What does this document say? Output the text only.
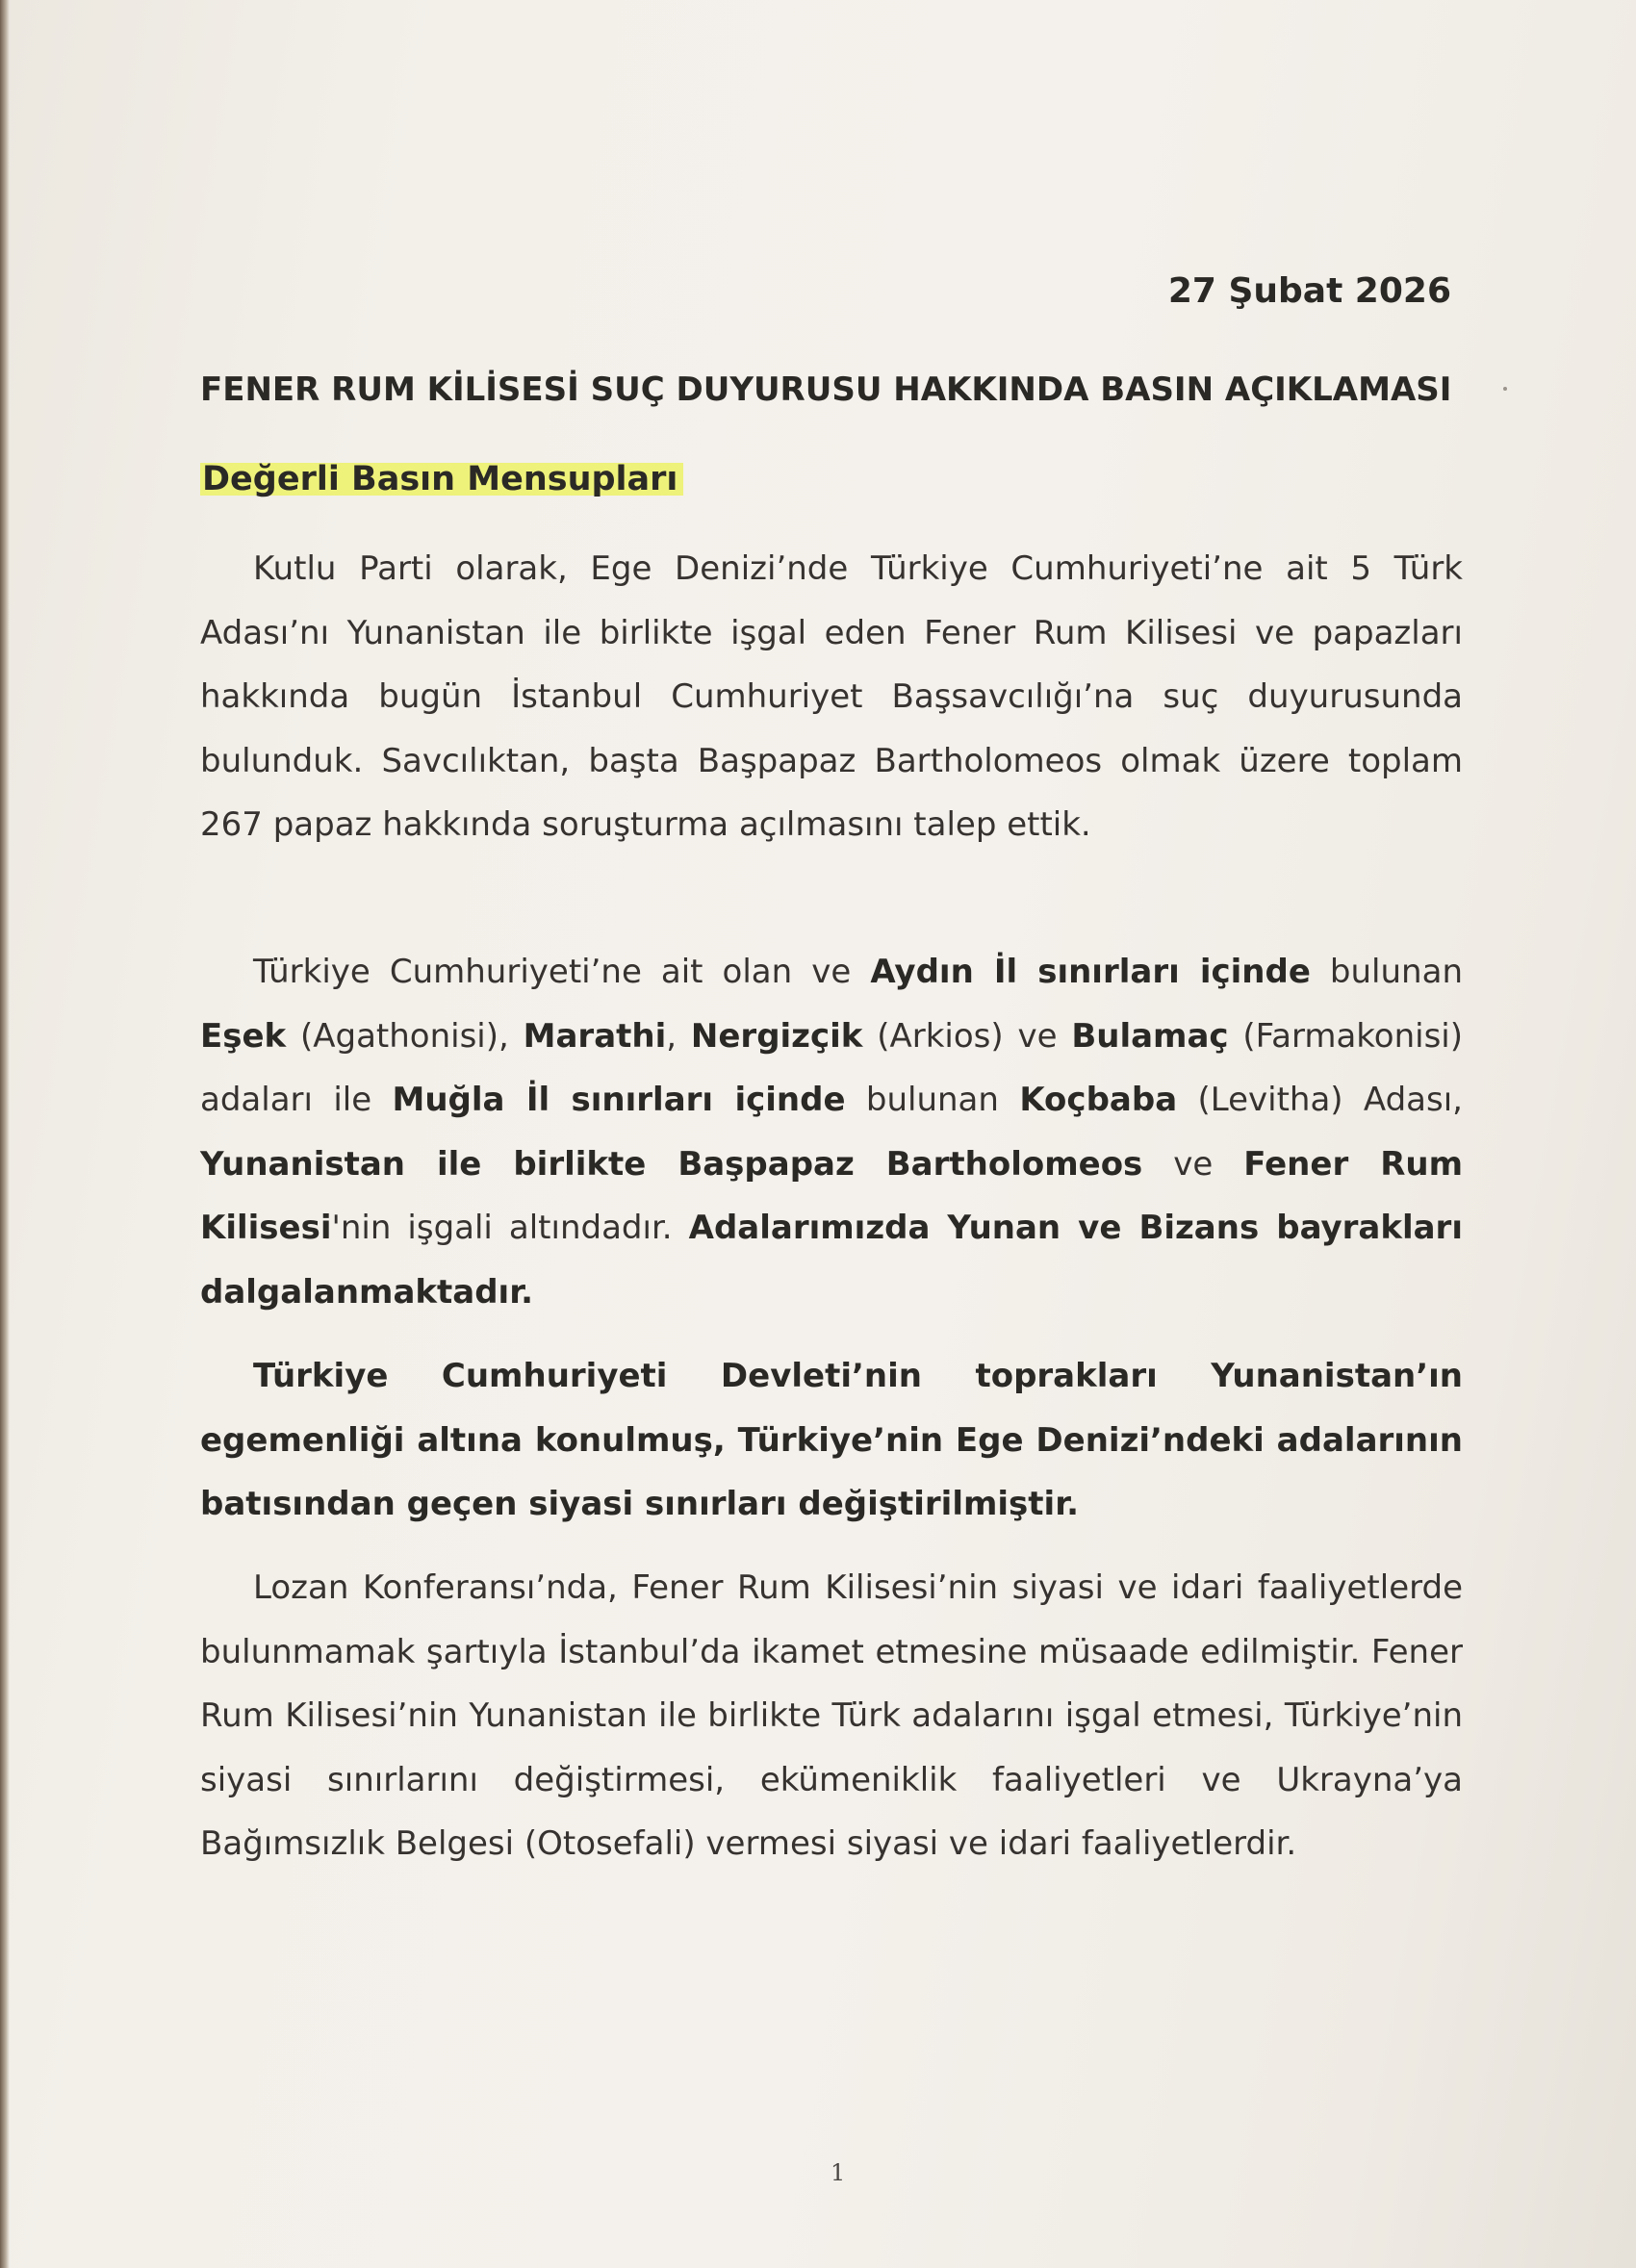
27 Şubat 2026
FENER RUM KİLİSESİ SUÇ DUYURUSU HAKKINDA BASIN AÇIKLAMASI
Değerli Basın Mensupları

Kutlu Parti olarak, Ege Denizi’nde Türkiye Cumhuriyeti’ne ait 5 Türk Adası’nı Yunanistan ile birlikte işgal eden Fener Rum Kilisesi ve papazları hakkında bugün İstanbul Cumhuriyet Başsavcılığı’na suç duyurusunda bulunduk. Savcılıktan, başta Başpapaz Bartholomeos olmak üzere toplam 267 papaz hakkında soruşturma açılmasını talep ettik.

Türkiye Cumhuriyeti’ne ait olan ve Aydın İl sınırları içinde bulunan Eşek (Agathonisi), Marathi, Nergizçik (Arkios) ve Bulamaç (Farmakonisi) adaları ile Muğla İl sınırları içinde bulunan Koçbaba (Levitha) Adası, Yunanistan ile birlikte Başpapaz Bartholomeos ve Fener Rum Kilisesi'nin işgali altındadır. Adalarımızda Yunan ve Bizans bayrakları dalgalanmaktadır.

Türkiye Cumhuriyeti Devleti’nin toprakları Yunanistan’ın egemenliği altına konulmuş, Türkiye’nin Ege Denizi’ndeki adalarının batısından geçen siyasi sınırları değiştirilmiştir.

Lozan Konferansı’nda, Fener Rum Kilisesi’nin siyasi ve idari faaliyetlerde bulunmamak şartıyla İstanbul’da ikamet etmesine müsaade edilmiştir. Fener Rum Kilisesi’nin Yunanistan ile birlikte Türk adalarını işgal etmesi, Türkiye’nin siyasi sınırlarını değiştirmesi, ekümeniklik faaliyetleri ve Ukrayna’ya Bağımsızlık Belgesi (Otosefali) vermesi siyasi ve idari faaliyetlerdir.

1
